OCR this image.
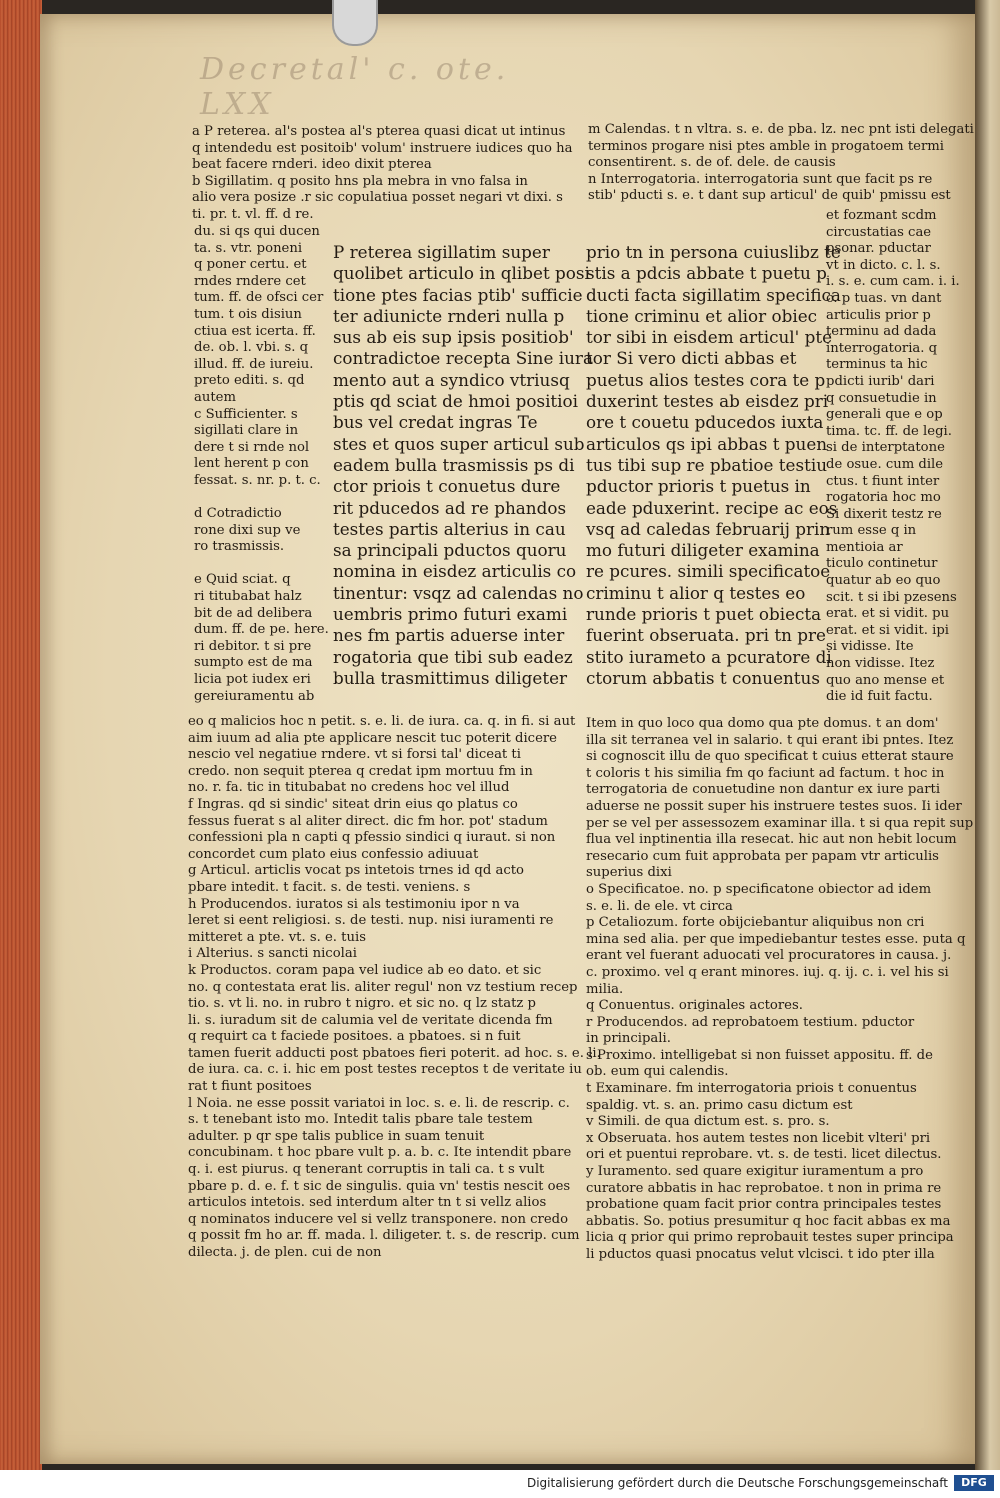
Decretal' c. ote. LXX
a P reterea. al's postea al's pterea quasi dicat ut intinus
q intendedu est positoib' volum' instruere iudices quo ha
beat facere rnderi. ideo dixit pterea
b Sigillatim. q posito hns pla mebra in vno falsa in
alio vera posize .r sic copulatiua posset negari vt dixi. s
ti. pr. t. vl. ff. d re.
du. si qs qui ducen
ta. s. vtr. poneni
q poner certu. et
rndes rndere cet
tum. ff. de ofsci cer
tum. t ois disiun
ctiua est icerta. ff.
de. ob. l. vbi. s. q
illud. ff. de iureiu.
preto editi. s. qd
autem
c Sufficienter. s
sigillati clare in
dere t si rnde nol
lent herent p con
fessat. s. nr. p. t. c.

d Cotradictio
rone dixi sup ve
ro trasmissis.

e Quid sciat. q
ri titubabat halz
bit de ad delibera
dum. ff. de pe. here.
ri debitor. t si pre
sumpto est de ma
licia pot iudex eri
gereiuramentu ab
eo q malicios hoc n petit. s. e. li. de iura. ca. q. in fi. si aut
aim iuum ad alia pte applicare nescit tuc poterit dicere
nescio vel negatiue rndere. vt si forsi tal' diceat ti
credo. non sequit pterea q credat ipm mortuu fm in
no. r. fa. tic in titubabat no credens hoc vel illud
f Ingras. qd si sindic' siteat drin eius qo platus co
fessus fuerat s al aliter direct. dic fm hor. pot' stadum
confessioni pla n capti q pfessio sindici q iuraut. si non
concordet cum plato eius confessio adiuuat
g Articul. articlis vocat ps intetois trnes id qd acto
pbare intedit. t facit. s. de testi. veniens. s
h Producendos. iuratos si als testimoniu ipor n va
leret si eent religiosi. s. de testi. nup. nisi iuramenti re
mitteret a pte. vt. s. e. tuis
i Alterius. s sancti nicolai
k Productos. coram papa vel iudice ab eo dato. et sic
no. q contestata erat lis. aliter regul' non vz testium recep
tio. s. vt li. no. in rubro t nigro. et sic no. q lz statz p
li. s. iuradum sit de calumia vel de veritate dicenda fm
q requirt ca t faciede positoes. a pbatoes. si n fuit
tamen fuerit adducti post pbatoes fieri poterit. ad hoc. s. e. li.
de iura. ca. c. i. hic em post testes receptos t de veritate iu
rat t fiunt positoes
l Noia. ne esse possit variatoi in loc. s. e. li. de rescrip. c.
s. t tenebant isto mo. Intedit talis pbare tale testem
adulter. p qr spe talis publice in suam tenuit
concubinam. t hoc pbare vult p. a. b. c. Ite intendit pbare
q. i. est piurus. q tenerant corruptis in tali ca. t s vult
pbare p. d. e. f. t sic de singulis. quia vn' testis nescit oes
articulos intetois. sed interdum alter tn t si vellz alios
q nominatos inducere vel si vellz transponere. non credo
q possit fm ho ar. ff. mada. l. diligeter. t. s. de rescrip. cum
dilecta. j. de plen. cui de non
P reterea sigillatim super
quolibet articulo in qlibet posi
tione ptes facias ptib' sufficie
ter adiunicte rnderi nulla p
sus ab eis sup ipsis positiob'
contradictoe recepta Sine iura
mento aut a syndico vtriusq
ptis qd sciat de hmoi positioi
bus vel credat ingras Te
stes et quos super articul sub
eadem bulla trasmissis ps di
ctor priois t conuetus dure
rit pducedos ad re phandos
testes partis alterius in cau
sa principali pductos quoru
nomina in eisdez articulis co
tinentur: vsqz ad calendas no
uembris primo futuri exami
nes fm partis aduerse inter
rogatoria que tibi sub eadez
bulla trasmittimus diligeter
m Calendas. t n vltra. s. e. de pba. lz. nec pnt isti delegati
terminos progare nisi ptes amble in progatoem termi
consentirent. s. de of. dele. de causis
n Interrogatoria. interrogatoria sunt que facit ps re
stib' pducti s. e. t dant sup articul' de quib' pmissu est
prio tn in persona cuiuslibz te
stis a pdcis abbate t puetu p
ducti facta sigillatim specifica
tione criminu et alior obiec
tor sibi in eisdem articul' pte
tor Si vero dicti abbas et
puetus alios testes cora te p
duxerint testes ab eisdez pri
ore t couetu pducedos iuxta
articulos qs ipi abbas t puen
tus tibi sup re pbatioe testiu
pductor prioris t puetus in
eade pduxerint. recipe ac eos
vsq ad caledas februarij prin
mo futuri diligeter examina
re pcures. simili specificatoe
criminu t alior q testes eo
runde prioris t puet obiecta
fuerint obseruata. pri tn pre
stito iurameto a pcuratore di
ctorum abbatis t conuentus
et fozmant scdm
circustatias cae
psonar. pductar
vt in dicto. c. l. s.
i. s. e. cum cam. i. i.
c. p tuas. vn dant
articulis prior p
terminu ad dada
interrogatoria. q
terminus ta hic
pdicti iurib' dari
q consuetudie in
generali que e op
tima. tc. ff. de legi.
si de interptatone
de osue. cum dile
ctus. t fiunt inter
rogatoria hoc mo
Si dixerit testz re
rum esse q in
mentioia ar
ticulo continetur
quatur ab eo quo
scit. t si ibi pzesens
erat. et si vidit. pu
erat. et si vidit. ipi
si vidisse. Ite
non vidisse. Itez
quo ano mense et
die id fuit factu.
Item in quo loco qua domo qua pte domus. t an dom'
illa sit terranea vel in salario. t qui erant ibi pntes. Itez
si cognoscit illu de quo specificat t cuius etterat staure
t coloris t his similia fm qo faciunt ad factum. t hoc in
terrogatoria de conuetudine non dantur ex iure parti
aduerse ne possit super his instruere testes suos. Ii ider
per se vel per assessozem examinar illa. t si qua repit sup
flua vel inptinentia illa resecat. hic aut non hebit locum
resecario cum fuit approbata per papam vtr articulis
superius dixi
o Specificatoe. no. p specificatone obiector ad idem
s. e. li. de ele. vt circa
p Cetaliozum. forte obijciebantur aliquibus non cri
mina sed alia. per que impediebantur testes esse. puta q
erant vel fuerant aduocati vel procuratores in causa. j.
c. proximo. vel q erant minores. iuj. q. ij. c. i. vel his si
milia.
q Conuentus. originales actores.
r Producendos. ad reprobatoem testium. pductor
in principali.
s Proximo. intelligebat si non fuisset appositu. ff. de
ob. eum qui calendis.
t Examinare. fm interrogatoria priois t conuentus
spaldig. vt. s. an. primo casu dictum est
v Simili. de qua dictum est. s. pro. s.
x Obseruata. hos autem testes non licebit vlteri' pri
ori et puentui reprobare. vt. s. de testi. licet dilectus.
y Iuramento. sed quare exigitur iuramentum a pro
curatore abbatis in hac reprobatoe. t non in prima re
probatione quam facit prior contra principales testes
abbatis. So. potius presumitur q hoc facit abbas ex ma
licia q prior qui primo reprobauit testes super principa
li pductos quasi pnocatus velut vlcisci. t ido pter illa
Digitalisierung gefördert durch die Deutsche Forschungsgemeinschaft	DFG
